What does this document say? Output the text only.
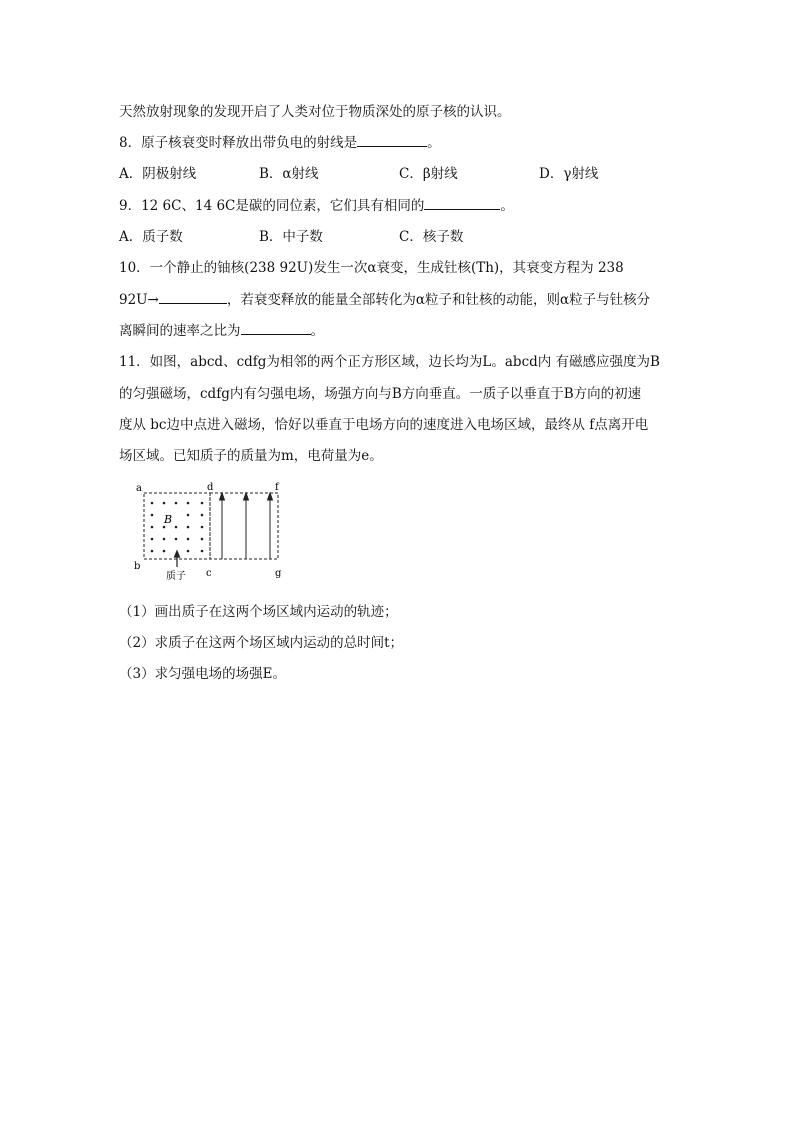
天然放射现象的发现开启了人类对位于物质深处的原子核的认识。
8．原子核衰变时释放出带负电的射线是	。
A．阴极射线	B．α射线	C．β射线	D．γ射线
9．12 6C、14 6C是碳的同位素，它们具有相同的	。
A．质子数	B．中子数	C．核子数
10．一个静止的铀核(238 92U)发生一次α衰变，生成钍核(Th)，其衰变方程为 238
92U→	，若衰变释放的能量全部转化为α粒子和钍核的动能，则α粒子与钍核分
离瞬间的速率之比为	。
11．如图，abcd、cdfg为相邻的两个正方形区域，边长均为L。abcd内 有磁感应强度为B
的匀强磁场，cdfg内有匀强电场，场强方向与B方向垂直。一质子以垂直于B方向的初速
度从 bc边中点进入磁场，恰好以垂直于电场方向的速度进入电场区域，最终从 f点离开电
场区域。已知质子的质量为m，电荷量为e。
a
b
c
d	f
g
B
质子
（1）画出质子在这两个场区域内运动的轨迹；
（2）求质子在这两个场区域内运动的总时间t；
（3）求匀强电场的场强E。
